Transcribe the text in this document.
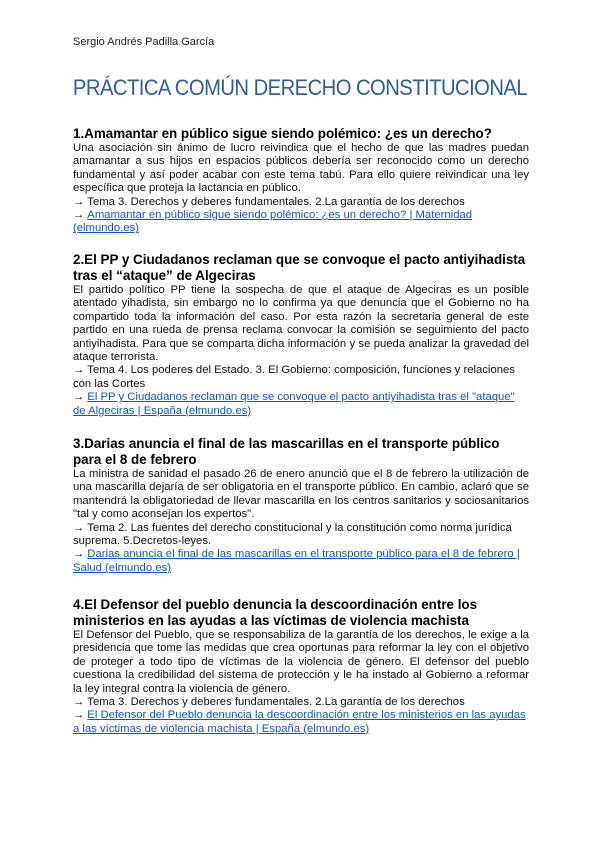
Sergio Andrés Padilla García
PRÁCTICA COMÚN DERECHO CONSTITUCIONAL
1.Amamantar en público sigue siendo polémico: ¿es un derecho?

Una asociación sin ánimo de lucro reivindica que el hecho de que las madres puedan amamantar a sus hijos en espacios públicos debería ser reconocido como un derecho fundamental y así poder acabar con este tema tabú. Para ello quiere reivindicar una ley específica que proteja la lactancia en público.

→ Tema 3. Derechos y deberes fundamentales. 2.La garantía de los derechos
→ Amamantar en público sigue siendo polémico: ¿es un derecho? | Maternidad (elmundo.es)
2.El PP y Ciudadanos reclaman que se convoque el pacto antiyihadista tras el “ataque” de Algeciras

El partido político PP tiene la sospecha de que el ataque de Algeciras es un posible atentado yihadista, sin embargo no lo confirma ya que denuncia que el Gobierno no ha compartido toda la información del caso. Por esta razón la secretaria general de este partido en una rueda de prensa reclama convocar la comisión se seguimiento del pacto antiyihadista. Para que se comparta dicha información y se pueda analizar la gravedad del ataque terrorista.

→ Tema 4. Los poderes del Estado. 3. El Gobierno: composición, funciones y relaciones con las Cortes
→ El PP y Ciudadanos reclaman que se convoque el pacto antiyihadista tras el "ataque" de Algeciras | España (elmundo.es)
3.Darias anuncia el final de las mascarillas en el transporte público para el 8 de febrero

La ministra de sanidad el pasado 26 de enero anunció que el 8 de febrero la utilización de una mascarilla dejaría de ser obligatoria en el transporte público. En cambio, aclaró que se mantendrá la obligatoriedad de llevar mascarilla en los centros sanitarios y sociosanitarios "tal y como aconsejan los expertos".

→ Tema 2. Las fuentes del derecho constitucional y la constitución como norma jurídica suprema. 5.Decretos-leyes.
→ Darias anuncia el final de las mascarillas en el transporte público para el 8 de febrero | Salud (elmundo.es)
4.El Defensor del pueblo denuncia la descoordinación entre los ministerios en las ayudas a las víctimas de violencia machista

El Defensor del Pueblo, que se responsabiliza de la garantía de los derechos, le exige a la presidencia que tome las medidas que crea oportunas para reformar la ley con el objetivo de proteger a todo tipo de víctimas de la violencia de género. El defensor del pueblo cuestiona la credibilidad del sistema de protección y le ha instado al Gobierno a reformar la ley integral contra la violencia de género.

→ Tema 3. Derechos y deberes fundamentales. 2.La garantía de los derechos
→ El Defensor del Pueblo denuncia la descoordinación entre los ministerios en las ayudas a las víctimas de violencia machista | España (elmundo.es)
